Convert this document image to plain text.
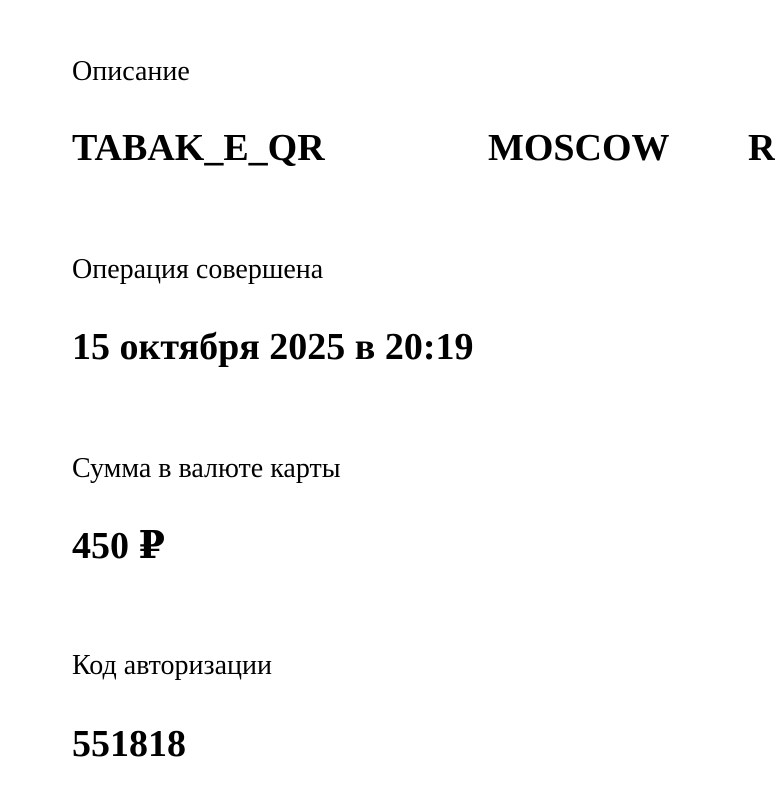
Описание
TABAK_E_QR	MOSCOW R
Операция совершена
15 октября 2025 в 20:19
Сумма в валюте карты
450 ₽
Код авторизации
551818
